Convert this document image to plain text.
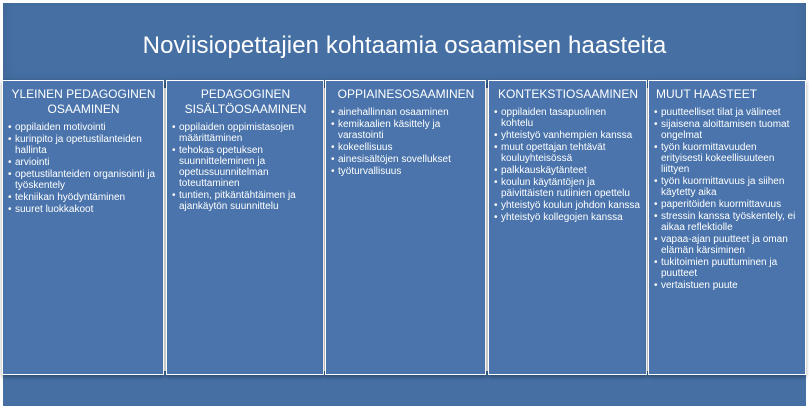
Noviisiopettajien kohtaamia osaamisen haasteita
YLEINEN PEDAGOGINEN OSAAMINEN
• oppilaiden motivointi
• kurinpito ja opetustilanteiden hallinta
• arviointi
• opetustilanteiden organisointi ja työskentely
• tekniikan hyödyntäminen
• suuret luokkakoot
PEDAGOGINEN SISÄLTÖOSAAMINEN
• oppilaiden oppimistasojen määrittäminen
• tehokas opetuksen suunnitteleminen ja opetussuunnitelman toteuttaminen
• tuntien, pitkäntähtäimen ja ajankäytön suunnittelu
OPPIAINESOSAAMINEN
• ainehallinnan osaaminen
• kemikaalien käsittely ja varastointi
• kokeellisuus
• ainesisältöjen sovellukset
• työturvallisuus
KONTEKSTIOSAAMINEN
• oppilaiden tasapuolinen kohtelu
• yhteistyö vanhempien kanssa
• muut opettajan tehtävät kouluyhteisössä
• palkkauskäytänteet
• koulun käytäntöjen ja päivittäisten rutiinien opettelu
• yhteistyö koulun johdon kanssa
• yhteistyö kollegojen kanssa
MUUT HAASTEET
• puutteelliset tilat ja välineet
• sijaisena aloittamisen tuomat ongelmat
• työn kuormittavuuden erityisesti kokeellisuuteen liittyen
• työn kuormittavuus ja siihen käytetty aika
• paperitöiden kuormittavuus
• stressin kanssa työskentely, ei aikaa reflektiolle
• vapaa-ajan puutteet ja oman elämän kärsiminen
• tukitoimien puuttuminen ja puutteet
• vertaistuen puute
